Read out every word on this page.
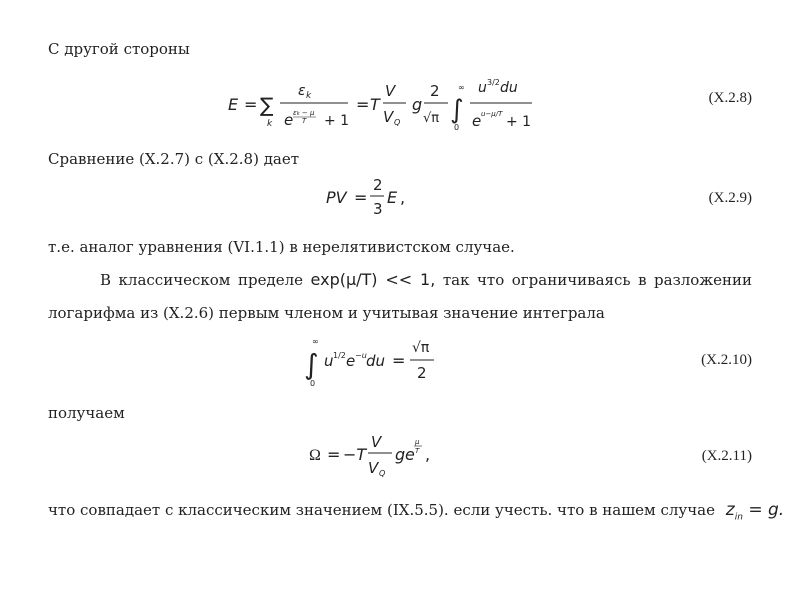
С другой стороны
E = ∑
k
ε k
e εk − μ
T + 1
= T
V
V Q
g
2
√π ∫
∞
0
u 3/2 du
e u−μ/T + 1
(Х.2.8)
Сравнение (Х.2.7) с (Х.2.8) дает
PV =
2
3
E ,	(Х.2.9)
т.е. аналог уравнения (VI.1.1) в нерелятивистском случае.
В классическом пределе exp(μ/T) << 1, так что ограничиваясь в разложении
логарифма из (Х.2.6) первым членом и учитывая значение интеграла
∫
∞
0
u 1/2 e −u du =
√π
2
(Х.2.10)
получаем
Ω = −T
V
V Q
g e
μ
T ,	(Х.2.11)
что совпадает с классическим значением (IX.5.5). если учесть. что в нашем случае $z_{in} = g$.
